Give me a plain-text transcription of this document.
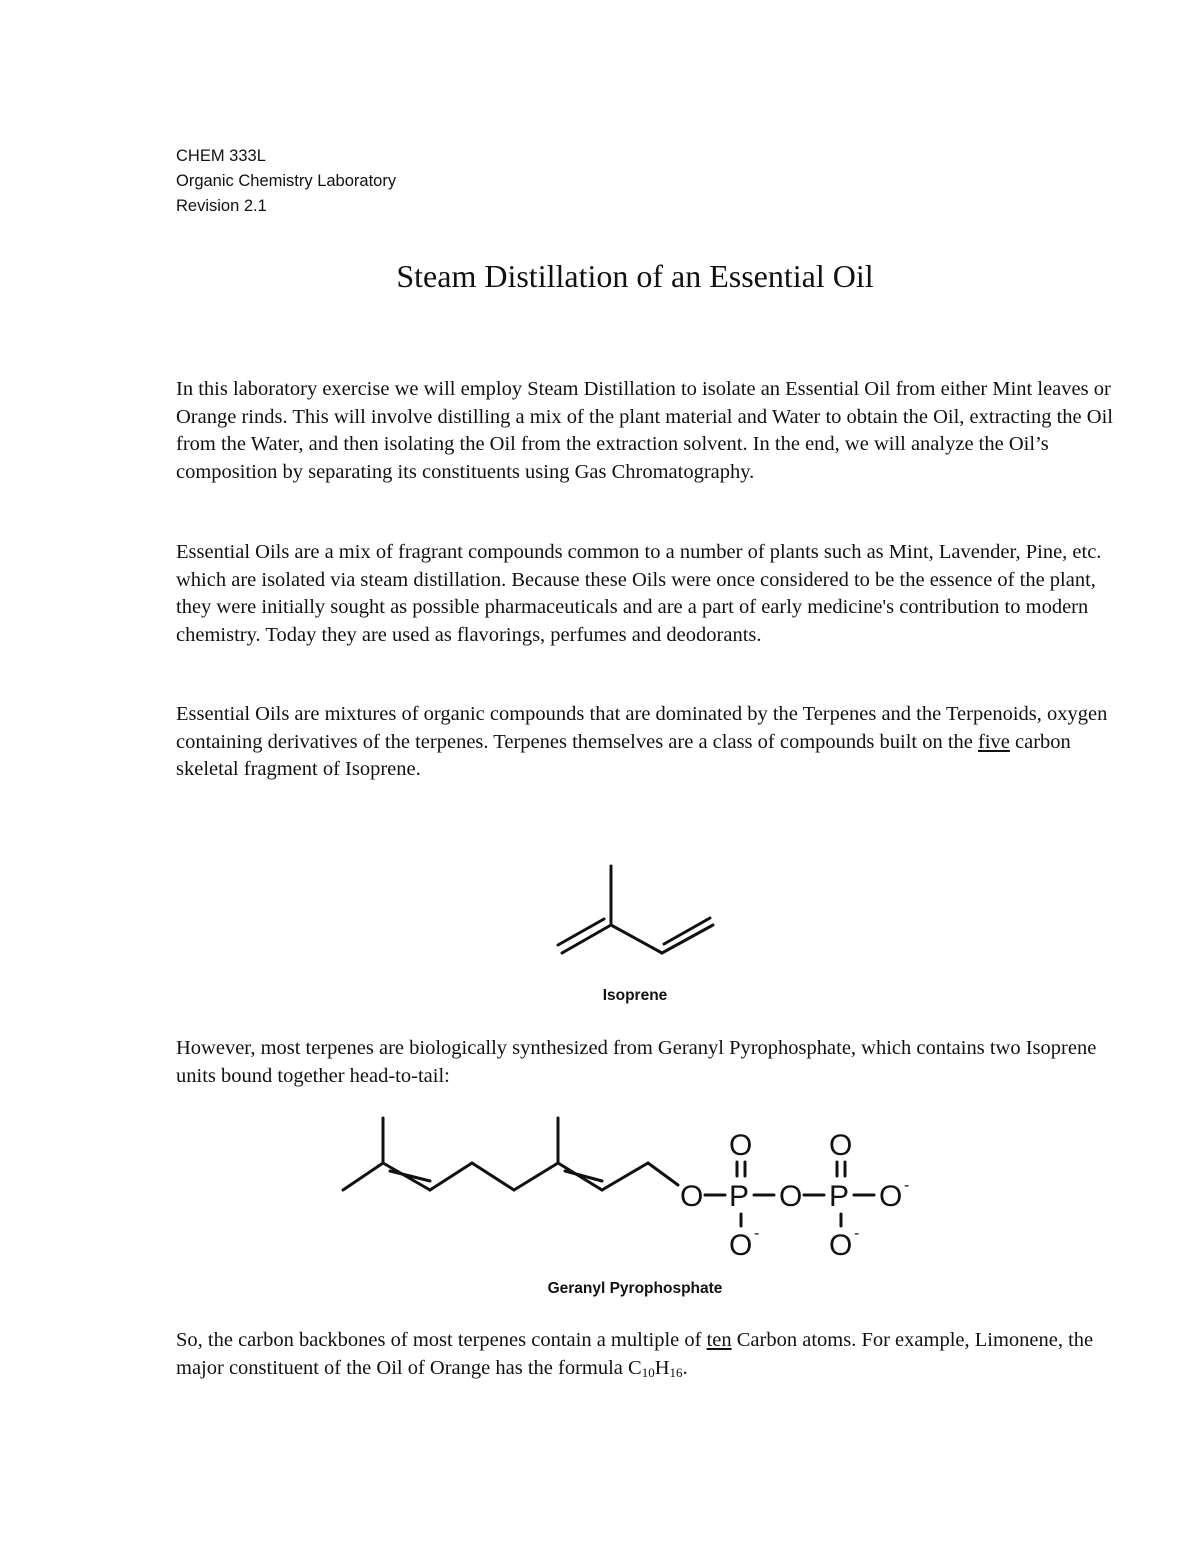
CHEM 333L
Organic Chemistry Laboratory
Revision 2.1
Steam Distillation of an Essential Oil

In this laboratory exercise we will employ Steam Distillation to isolate an Essential Oil from either Mint leaves or Orange rinds. This will involve distilling a mix of the plant material and Water to obtain the Oil, extracting the Oil from the Water, and then isolating the Oil from the extraction solvent. In the end, we will analyze the Oil’s composition by separating its constituents using Gas Chromatography.

Essential Oils are a mix of fragrant compounds common to a number of plants such as Mint, Lavender, Pine, etc. which are isolated via steam distillation. Because these Oils were once considered to be the essence of the plant, they were initially sought as possible pharmaceuticals and are a part of early medicine's contribution to modern chemistry. Today they are used as flavorings, perfumes and deodorants.

Essential Oils are mixtures of organic compounds that are dominated by the Terpenes and the Terpenoids, oxygen containing derivatives of the terpenes. Terpenes themselves are a class of compounds built on the five carbon skeletal fragment of Isoprene.

O P O P O -
O	O
O - O -
Isoprene

However, most terpenes are biologically synthesized from Geranyl Pyrophosphate, which contains two Isoprene units bound together head-to-tail:

Geranyl Pyrophosphate

So, the carbon backbones of most terpenes contain a multiple of ten Carbon atoms. For example, Limonene, the major constituent of the Oil of Orange has the formula $C_{10}H_{16}$.
